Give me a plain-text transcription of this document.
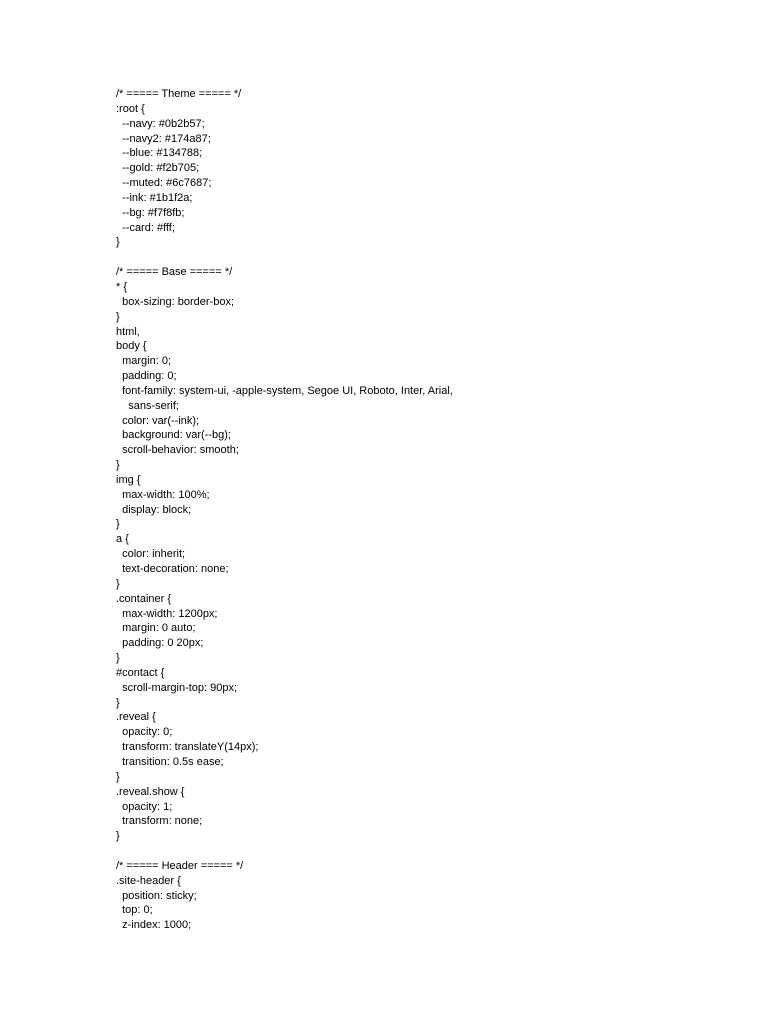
/* ===== Theme ===== */
:root {
--navy: #0b2b57;
--navy2: #174a87;
--blue: #134788;
--gold: #f2b705;
--muted: #6c7687;
--ink: #1b1f2a;
--bg: #f7f8fb;
--card: #fff;
}
/* ===== Base ===== */
* {
box-sizing: border-box;
}
html,
body {
margin: 0;
padding: 0;
font-family: system-ui, -apple-system, Segoe UI, Roboto, Inter, Arial,
sans-serif;
color: var(--ink);
background: var(--bg);
scroll-behavior: smooth;
}
img {
max-width: 100%;
display: block;
}
a {
color: inherit;
text-decoration: none;
}
.container {
max-width: 1200px;
margin: 0 auto;
padding: 0 20px;
}
#contact {
scroll-margin-top: 90px;
}
.reveal {
opacity: 0;
transform: translateY(14px);
transition: 0.5s ease;
}
.reveal.show {
opacity: 1;
transform: none;
}
/* ===== Header ===== */
.site-header {
position: sticky;
top: 0;
z-index: 1000;
